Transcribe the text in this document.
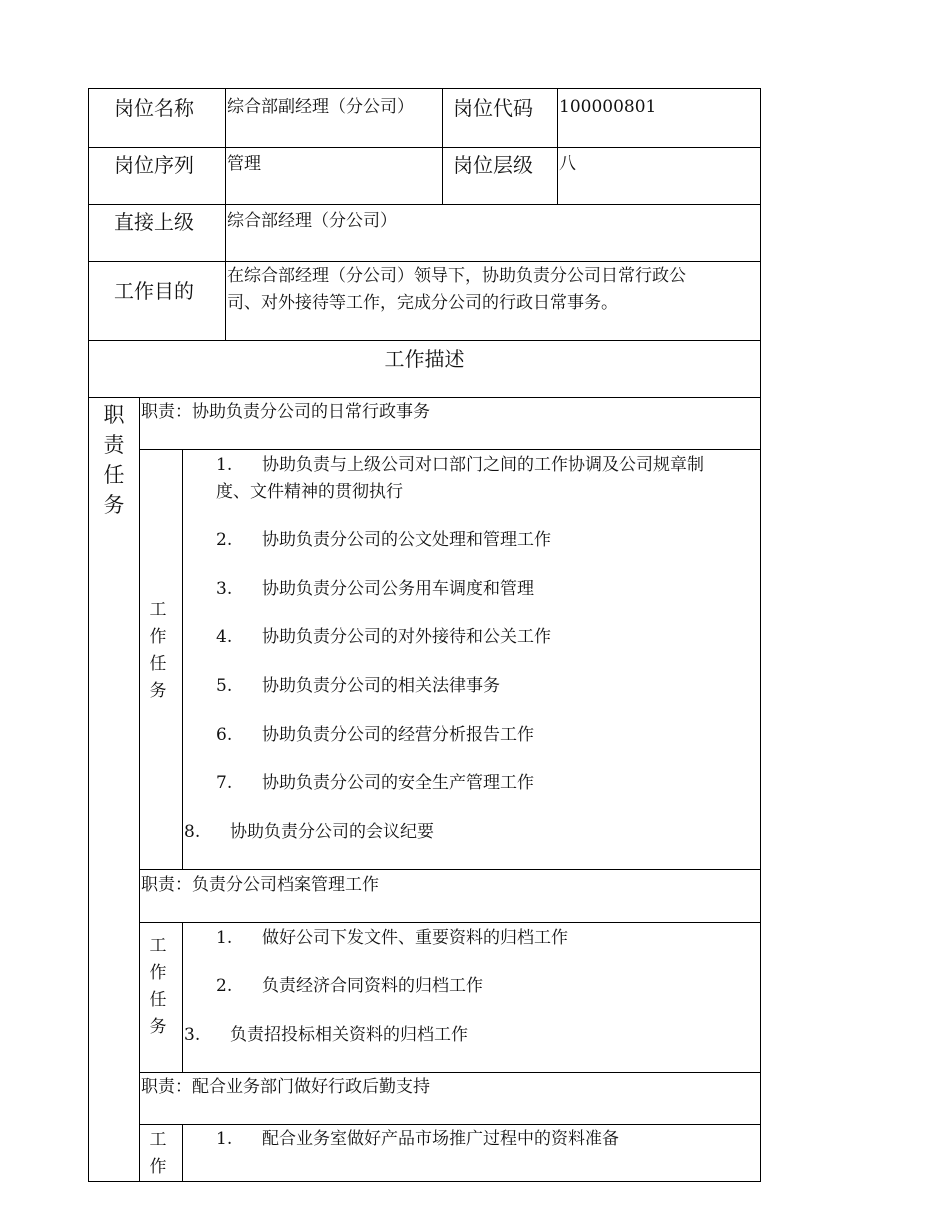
岗位名称 综合部副经理（分公司） 岗位代码 100000801
岗位序列 管理	岗位层级 八
直接上级 综合部经理（分公司）
工作目的
在综合部经理（分公司）领导下，协助负责分公司日常行政公
司、对外接待等工作，完成分公司的行政日常事务。
工作描述
职责任务
职责：协助负责分公司的日常行政事务
工作任务
1. 协助负责与上级公司对口部门之间的工作协调及公司规章制
度、文件精神的贯彻执行
2. 协助负责分公司的公文处理和管理工作
3. 协助负责分公司公务用车调度和管理
4. 协助负责分公司的对外接待和公关工作
5. 协助负责分公司的相关法律事务
6. 协助负责分公司的经营分析报告工作
7. 协助负责分公司的安全生产管理工作
8. 协助负责分公司的会议纪要
职责：负责分公司档案管理工作
工作任务
1. 做好公司下发文件、重要资料的归档工作
2. 负责经济合同资料的归档工作
3. 负责招投标相关资料的归档工作
职责：配合业务部门做好行政后勤支持
工作
1. 配合业务室做好产品市场推广过程中的资料准备
